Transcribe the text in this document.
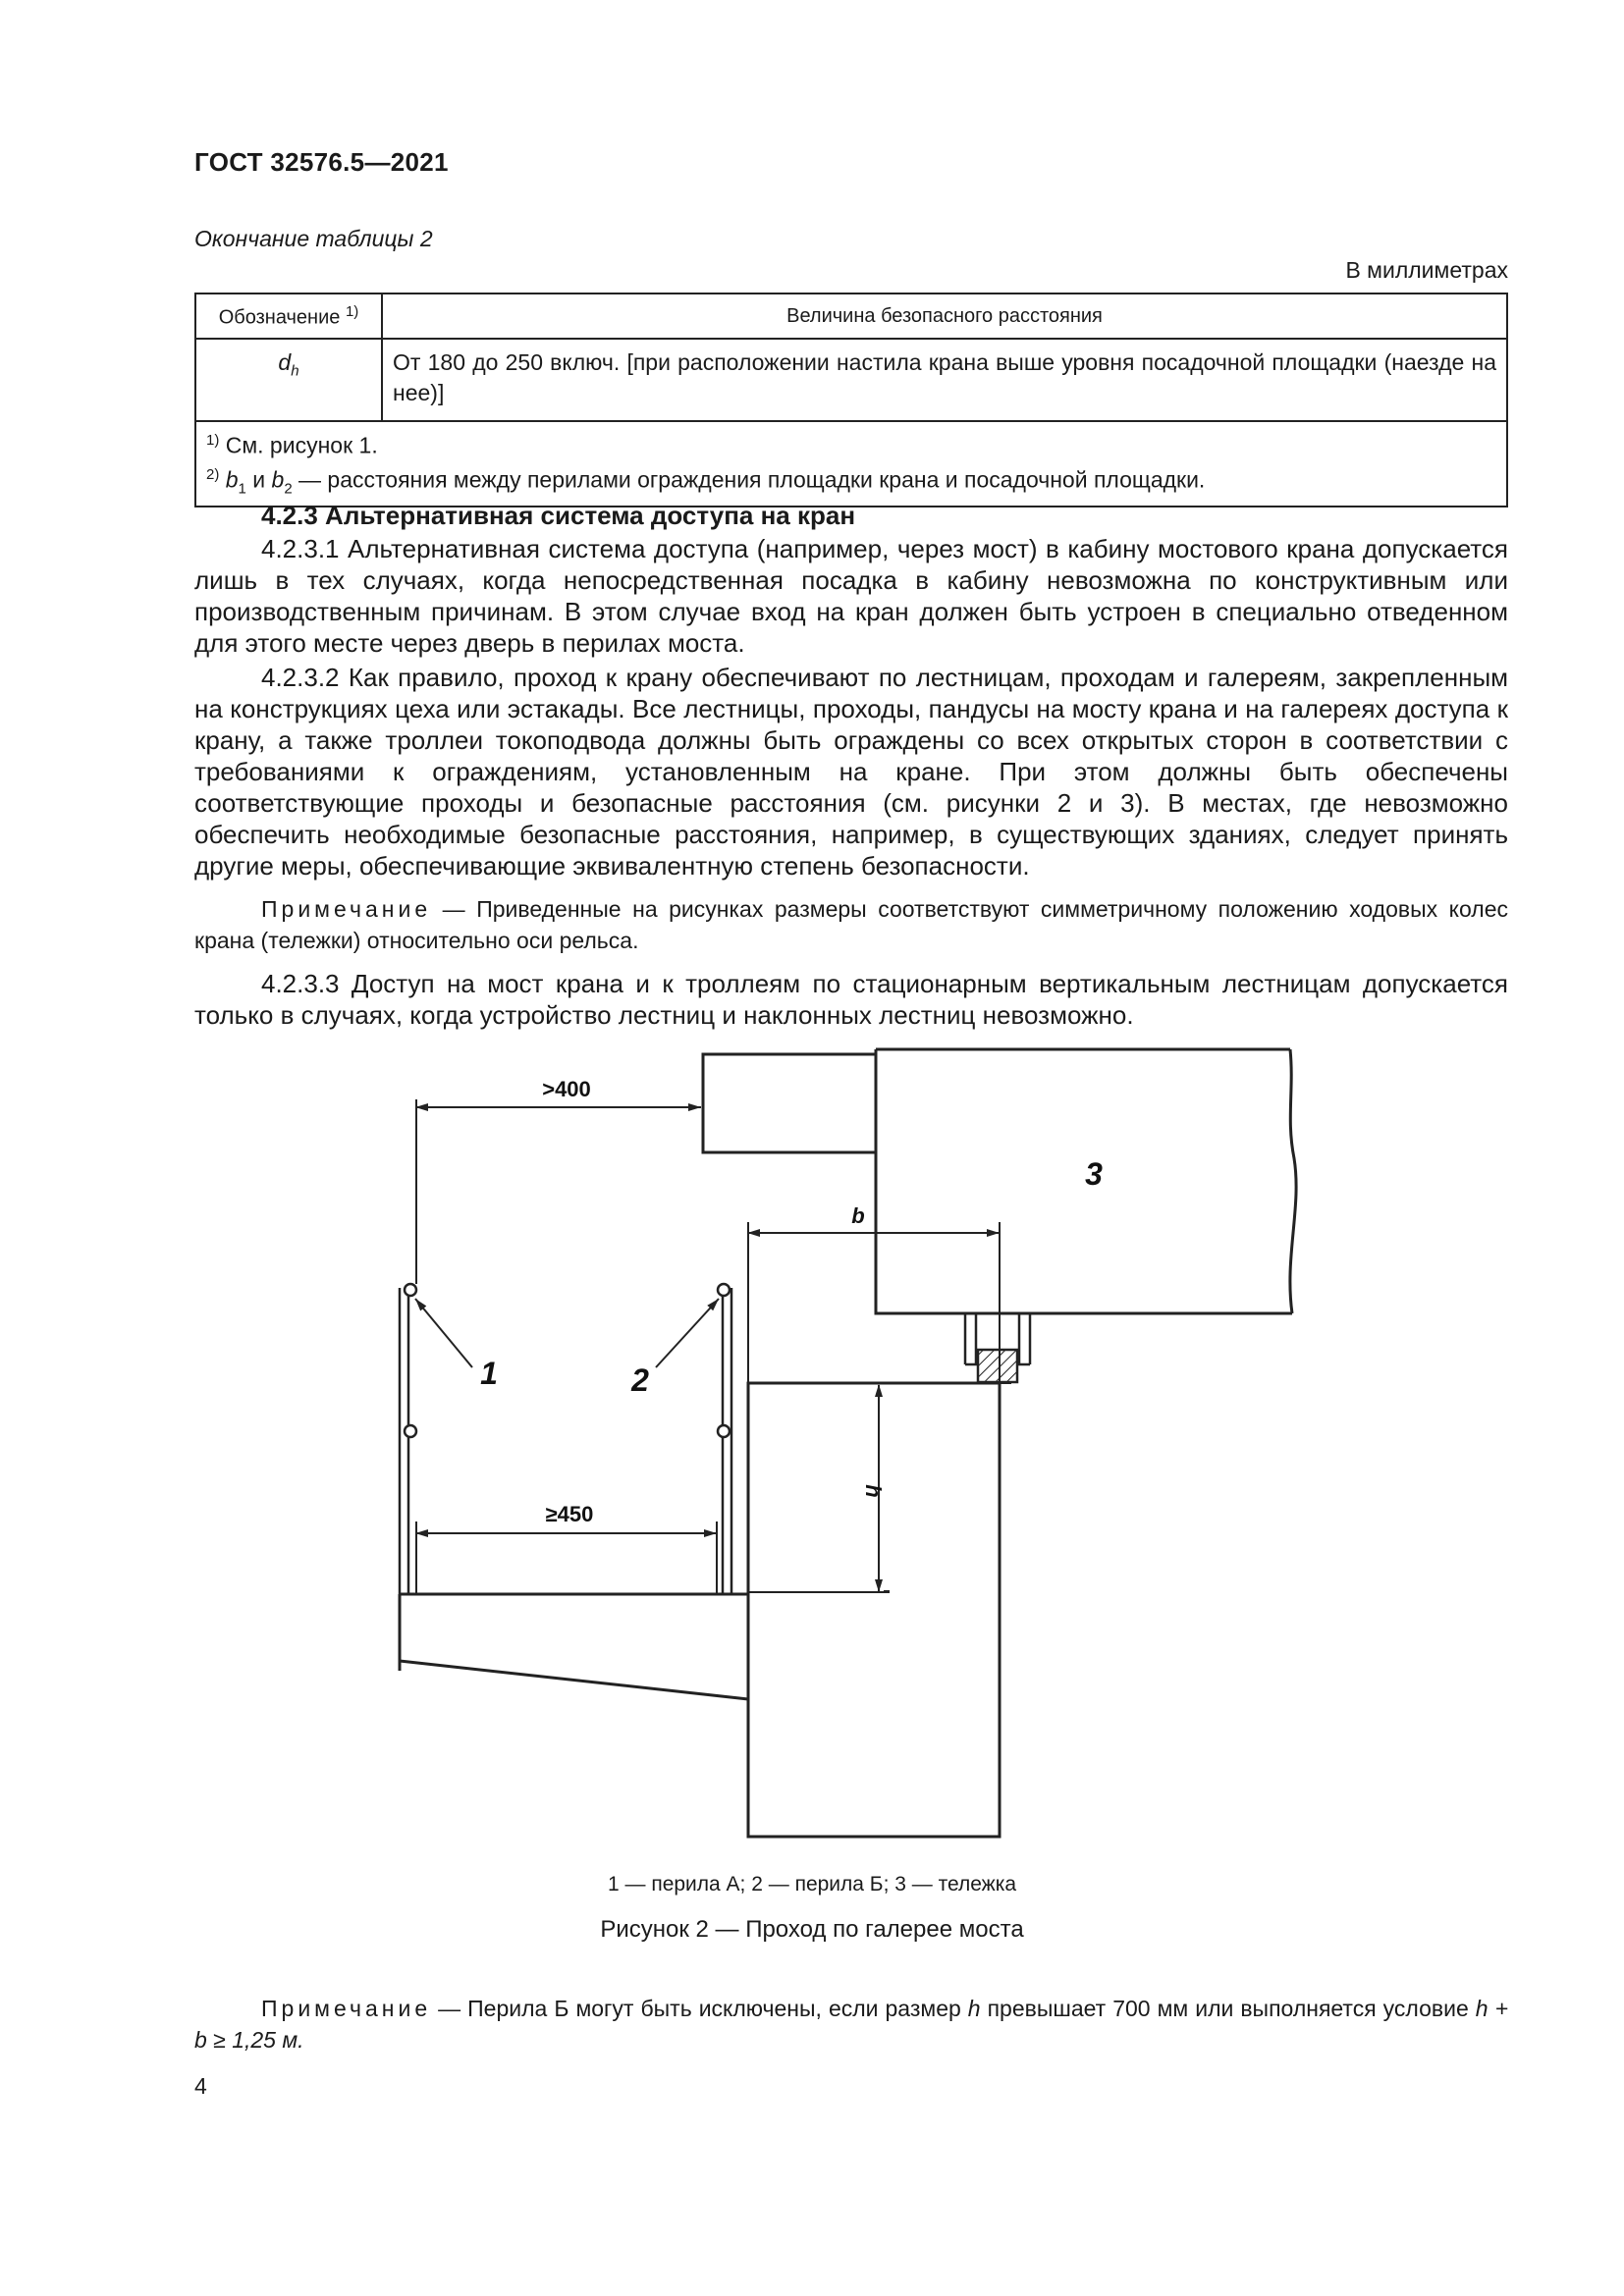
ГОСТ 32576.5—2021
Окончание таблицы 2
В миллиметрах
Обозначение $^{1)}$	Величина безопасного расстояния
$d_h$	От 180 до 250 включ. [при расположении настила крана выше уровня посадочной площадки (наезде на нее)]

$^{1)}$ См. рисунок 1.
$^{2)}$ $b_1$ и $b_2$ — расстояния между перилами ограждения площадки крана и посадочной площадки.	
4.2.3 Альтернативная система доступа на кран

4.2.3.1 Альтернативная система доступа (например, через мост) в кабину мостового крана допускается лишь в тех случаях, когда непосредственная посадка в кабину невозможна по конструктивным или производственным причинам. В этом случае вход на кран должен быть устроен в специально отведенном для этого месте через дверь в перилах моста.

4.2.3.2 Как правило, проход к крану обеспечивают по лестницам, проходам и галереям, закрепленным на конструкциях цеха или эстакады. Все лестницы, проходы, пандусы на мосту крана и на галереях доступа к крану, а также троллеи токоподвода должны быть ограждены со всех открытых сторон в соответствии с требованиями к ограждениям, установленным на кране. При этом должны быть обеспечены соответствующие проходы и безопасные расстояния (см. рисунки 2 и 3). В местах, где невозможно обеспечить необходимые безопасные расстояния, например, в существующих зданиях, следует принять другие меры, обеспечивающие эквивалентную степень безопасности.

Примечание — Приведенные на рисунках размеры соответствуют симметричному положению ходовых колес крана (тележки) относительно оси рельса.

4.2.3.3 Доступ на мост крана и к троллеям по стационарным вертикальным лестницам допускается только в случаях, когда устройство лестниц и наклонных лестниц невозможно.

>400
b
≥450
h
1	2
3
1 — перила А; 2 — перила Б; 3 — тележка
Рисунок 2 — Проход по галерее моста
Примечание — Перила Б могут быть исключены, если размер h превышает 700 мм или выполняется условие h + b ≥ 1,25 м.
4
